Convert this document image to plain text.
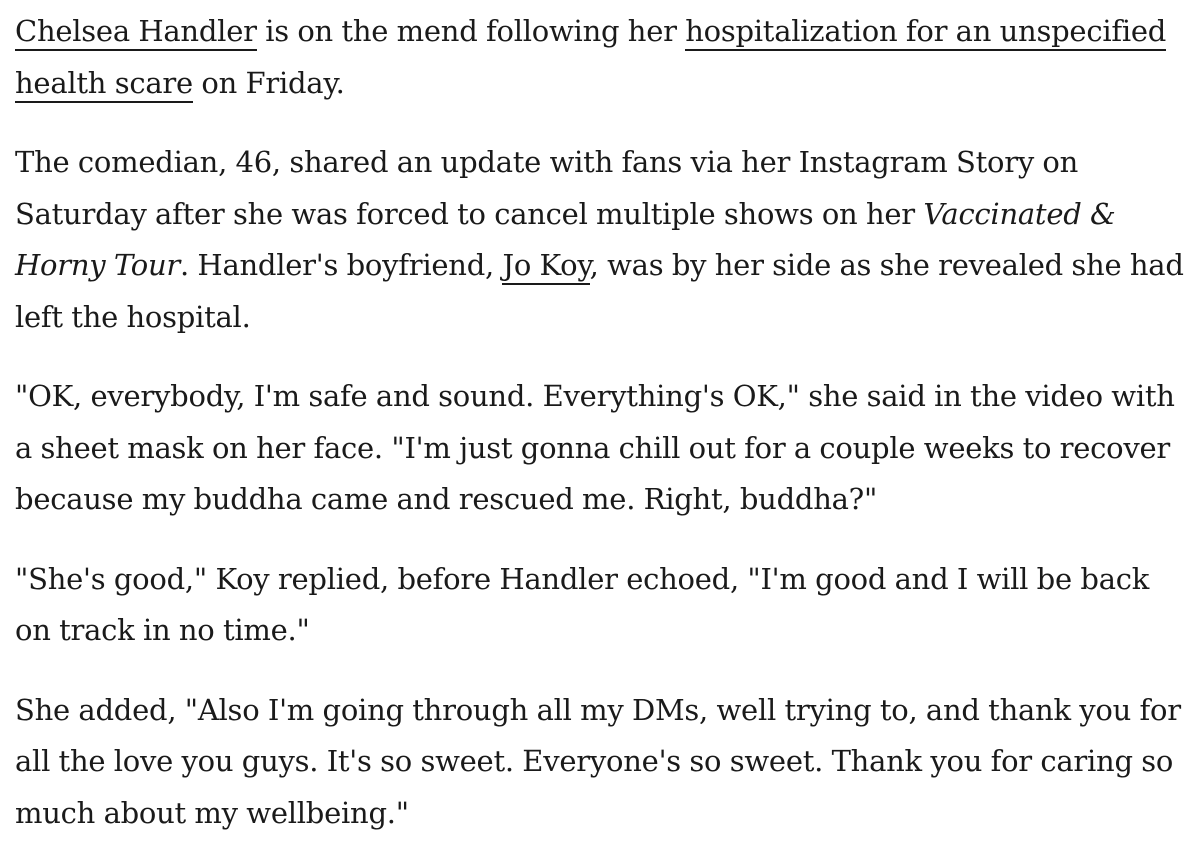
Chelsea Handler is on the mend following her hospitalization for an unspecified health scare on Friday.

The comedian, 46, shared an update with fans via her Instagram Story on Saturday after she was forced to cancel multiple shows on her Vaccinated & Horny Tour. Handler's boyfriend, Jo Koy, was by her side as she revealed she had left the hospital.

"OK, everybody, I'm safe and sound. Everything's OK," she said in the video with a sheet mask on her face. "I'm just gonna chill out for a couple weeks to recover because my buddha came and rescued me. Right, buddha?"

"She's good," Koy replied, before Handler echoed, "I'm good and I will be back on track in no time."

She added, "Also I'm going through all my DMs, well trying to, and thank you for all the love you guys. It's so sweet. Everyone's so sweet. Thank you for caring so much about my wellbeing."
